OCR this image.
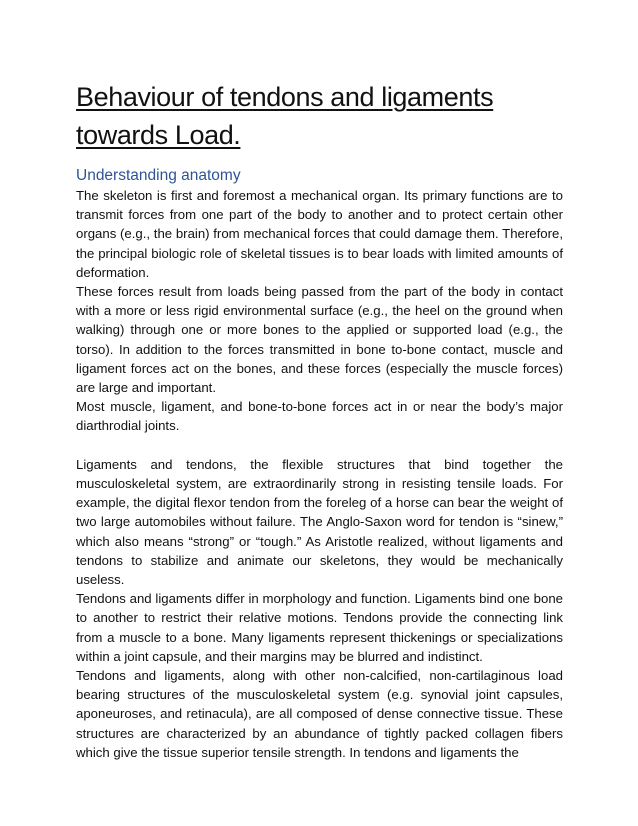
Behaviour of tendons and ligaments
towards Load.
Understanding anatomy

The skeleton is first and foremost a mechanical organ. Its primary functions are to transmit forces from one part of the body to another and to protect certain other organs (e.g., the brain) from mechanical forces that could damage them. Therefore, the principal biologic role of skeletal tissues is to bear loads with limited amounts of deformation.

These forces result from loads being passed from the part of the body in contact with a more or less rigid environmental surface (e.g., the heel on the ground when walking) through one or more bones to the applied or supported load (e.g., the torso). In addition to the forces transmitted in bone to-bone contact, muscle and ligament forces act on the bones, and these forces (especially the muscle forces) are large and important.

Most muscle, ligament, and bone-to-bone forces act in or near the body’s major diarthrodial joints.

Ligaments and tendons, the flexible structures that bind together the musculoskeletal system, are extraordinarily strong in resisting tensile loads. For example, the digital flexor tendon from the foreleg of a horse can bear the weight of two large automobiles without failure. The Anglo-Saxon word for tendon is “sinew,” which also means “strong” or “tough.” As Aristotle realized, without ligaments and tendons to stabilize and animate our skeletons, they would be mechanically useless.

Tendons and ligaments differ in morphology and function. Ligaments bind one bone to another to restrict their relative motions. Tendons provide the connecting link from a muscle to a bone. Many ligaments represent thickenings or specializations within a joint capsule, and their margins may be blurred and indistinct.

Tendons and ligaments, along with other non-calcified, non-cartilaginous load bearing structures of the musculoskeletal system (e.g. synovial joint capsules, aponeuroses, and retinacula), are all composed of dense connective tissue. These structures are characterized by an abundance of tightly packed collagen fibers which give the tissue superior tensile strength. In tendons and ligaments the
